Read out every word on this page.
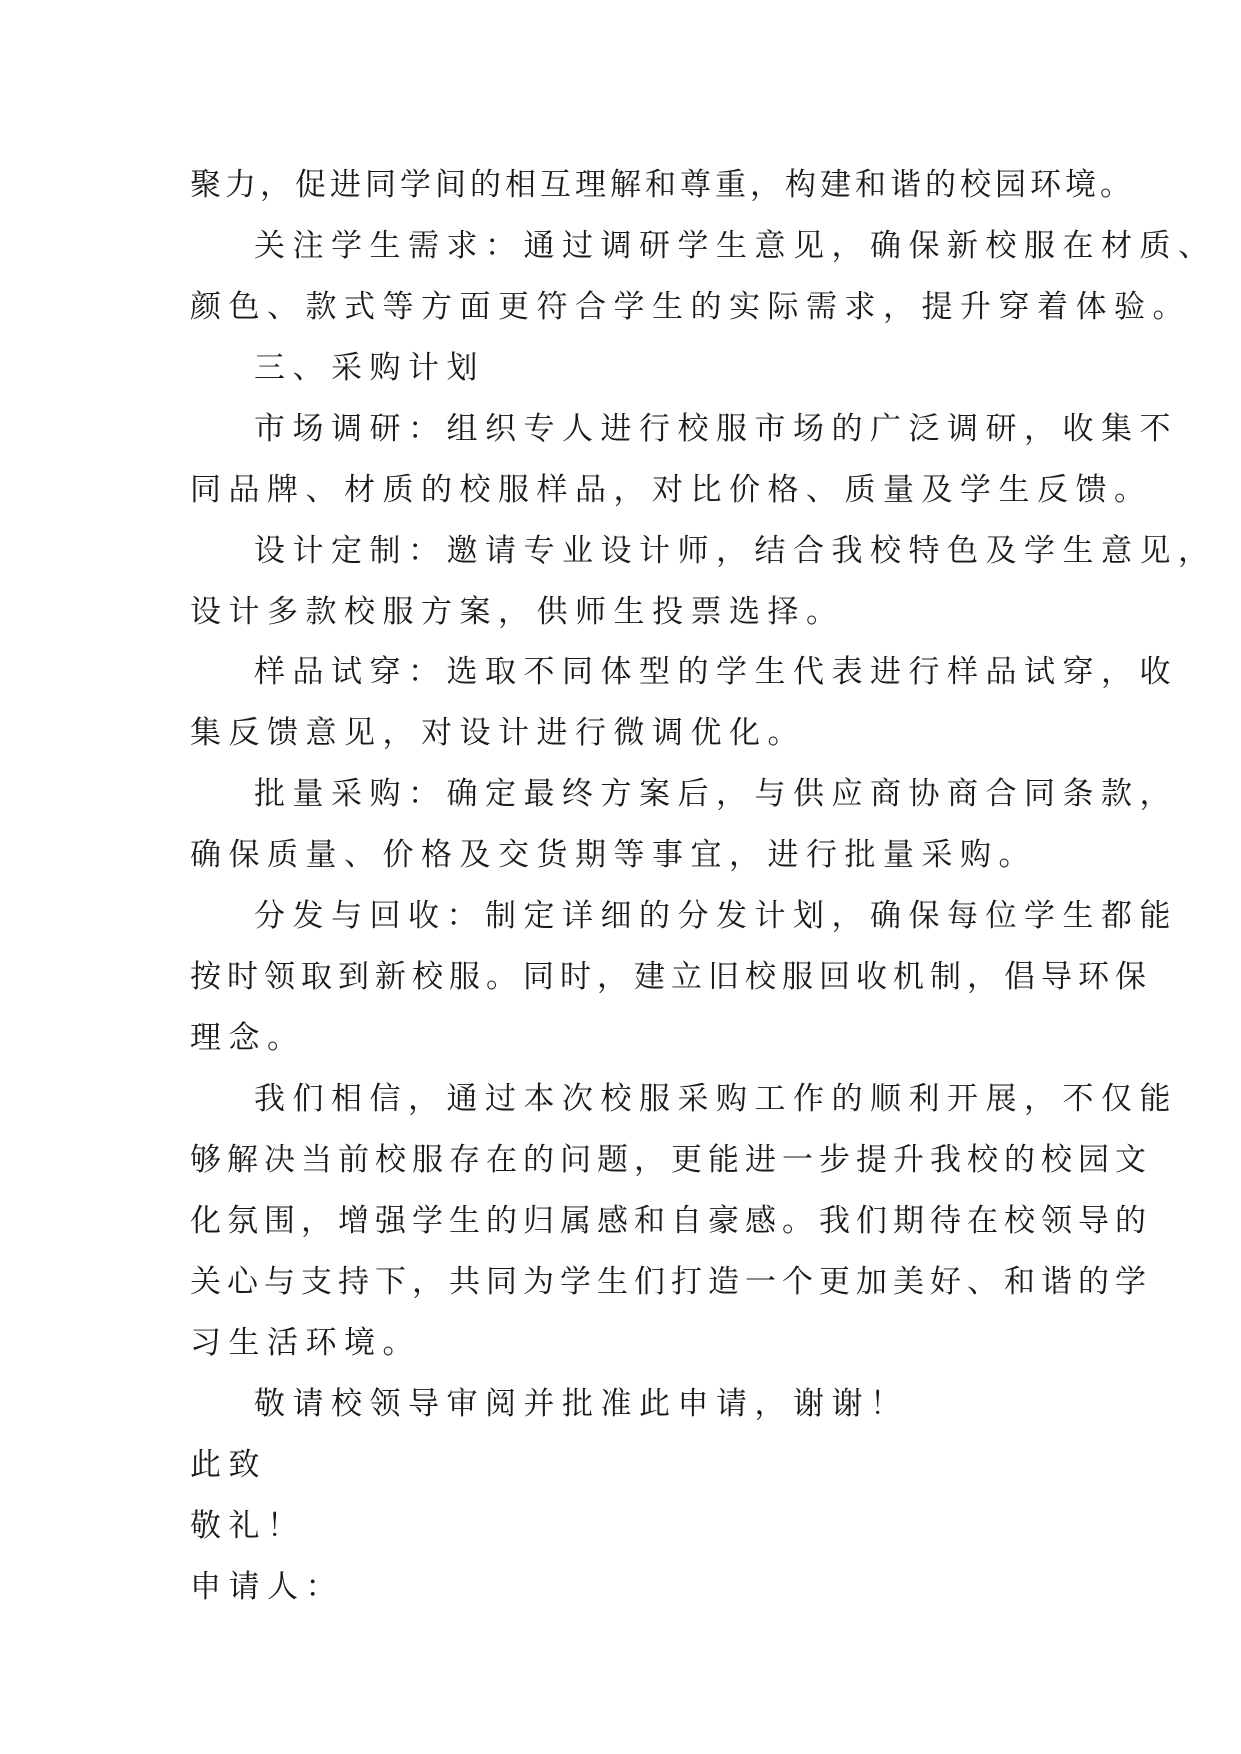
聚力，促进同学间的相互理解和尊重，构建和谐的校园环境。
关注学生需求：通过调研学生意见，确保新校服在材质、
颜色、款式等方面更符合学生的实际需求，提升穿着体验。
三、采购计划
市场调研：组织专人进行校服市场的广泛调研，收集不
同品牌、材质的校服样品，对比价格、质量及学生反馈。
设计定制：邀请专业设计师，结合我校特色及学生意见，
设计多款校服方案，供师生投票选择。
样品试穿：选取不同体型的学生代表进行样品试穿，收
集反馈意见，对设计进行微调优化。
批量采购：确定最终方案后，与供应商协商合同条款，
确保质量、价格及交货期等事宜，进行批量采购。
分发与回收：制定详细的分发计划，确保每位学生都能
按时领取到新校服。同时，建立旧校服回收机制，倡导环保
理念。
我们相信，通过本次校服采购工作的顺利开展，不仅能
够解决当前校服存在的问题，更能进一步提升我校的校园文
化氛围，增强学生的归属感和自豪感。我们期待在校领导的
关心与支持下，共同为学生们打造一个更加美好、和谐的学
习生活环境。
敬请校领导审阅并批准此申请，谢谢！
此致
敬礼！
申请人：
